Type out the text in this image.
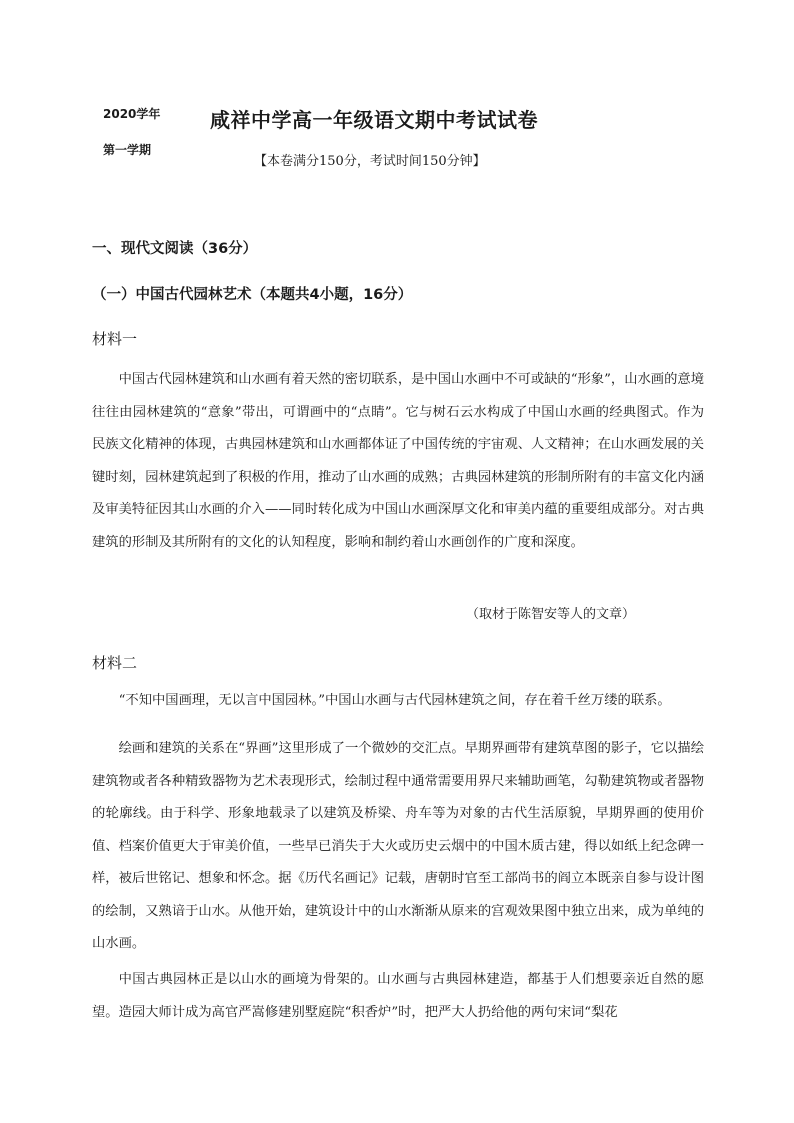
2020学年
第一学期
咸祥中学高一年级语文期中考试试卷
【本卷满分150分，考试时间150分钟】
一、现代文阅读（36分）
（一）中国古代园林艺术（本题共4小题，16分）
材料一

中国古代园林建筑和山水画有着天然的密切联系，是中国山水画中不可或缺的“形象”，山水画的意境往往由园林建筑的“意象”带出，可谓画中的“点睛”。它与树石云水构成了中国山水画的经典图式。作为民族文化精神的体现，古典园林建筑和山水画都体证了中国传统的宇宙观、人文精神；在山水画发展的关键时刻，园林建筑起到了积极的作用，推动了山水画的成熟；古典园林建筑的形制所附有的丰富文化内涵及审美特征因其山水画的介入——同时转化成为中国山水画深厚文化和审美内蕴的重要组成部分。对古典建筑的形制及其所附有的文化的认知程度，影响和制约着山水画创作的广度和深度。

（取材于陈智安等人的文章）
材料二

“不知中国画理，无以言中国园林。”中国山水画与古代园林建筑之间，存在着千丝万缕的联系。

绘画和建筑的关系在“界画”这里形成了一个微妙的交汇点。早期界画带有建筑草图的影子，它以描绘建筑物或者各种精致器物为艺术表现形式，绘制过程中通常需要用界尺来辅助画笔，勾勒建筑物或者器物的轮廓线。由于科学、形象地载录了以建筑及桥梁、舟车等为对象的古代生活原貌，早期界画的使用价值、档案价值更大于审美价值，一些早已消失于大火或历史云烟中的中国木质古建，得以如纸上纪念碑一样，被后世铭记、想象和怀念。据《历代名画记》记载，唐朝时官至工部尚书的阎立本既亲自参与设计图的绘制，又熟谙于山水。从他开始，建筑设计中的山水渐渐从原来的宫观效果图中独立出来，成为单纯的山水画。

中国古典园林正是以山水的画境为骨架的。山水画与古典园林建造，都基于人们想要亲近自然的愿望。造园大师计成为高官严嵩修建别墅庭院“积香炉”时，把严大人扔给他的两句宋词“梨花
